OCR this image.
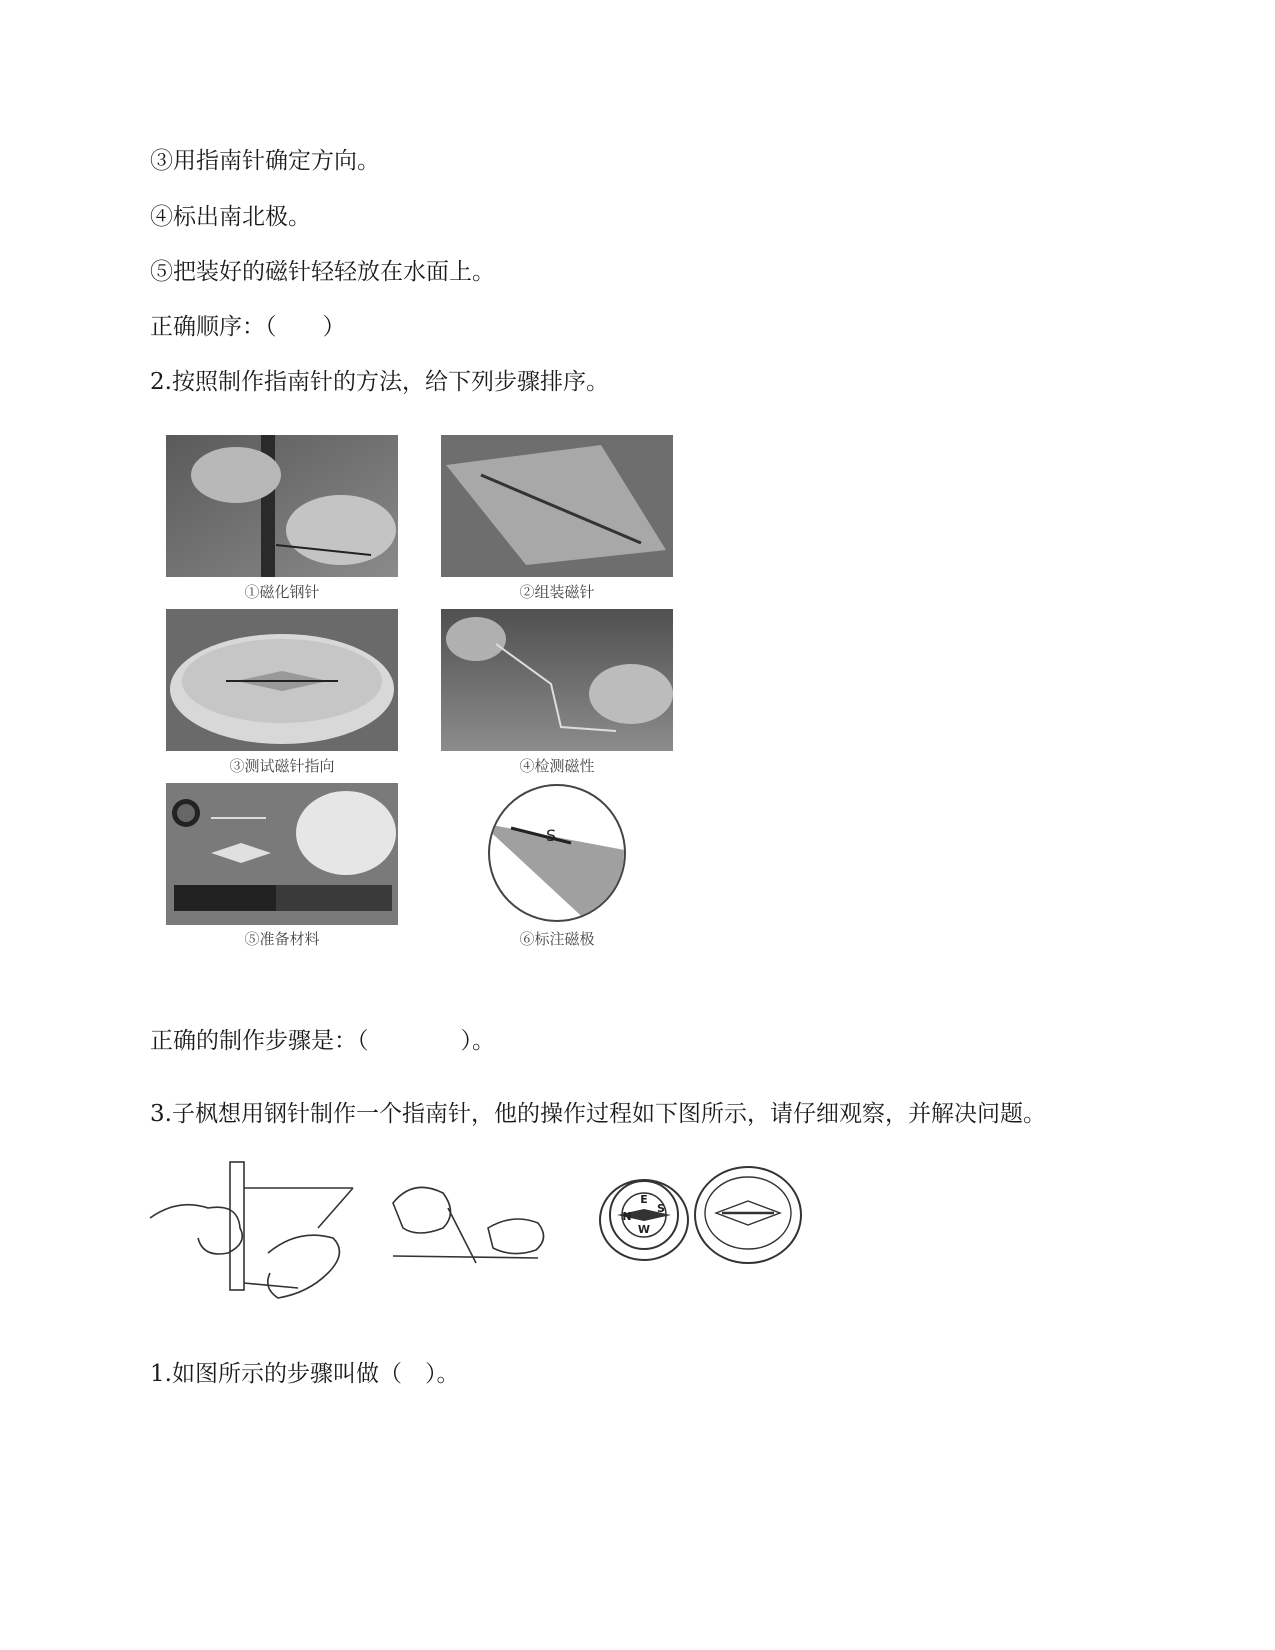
③用指南针确定方向。
④标出南北极。
⑤把装好的磁针轻轻放在水面上。
正确顺序：（　　）
2.按照制作指南针的方法，给下列步骤排序。
①磁化钢针	②组装磁针
③测试磁针指向	④检测磁性
⑤准备材料
S
⑥标注磁极
正确的制作步骤是：（　　　　）。
3.子枫想用钢针制作一个指南针，他的操作过程如下图所示，请仔细观察，并解决问题。
E
S
W
N
1.如图所示的步骤叫做（　）。
